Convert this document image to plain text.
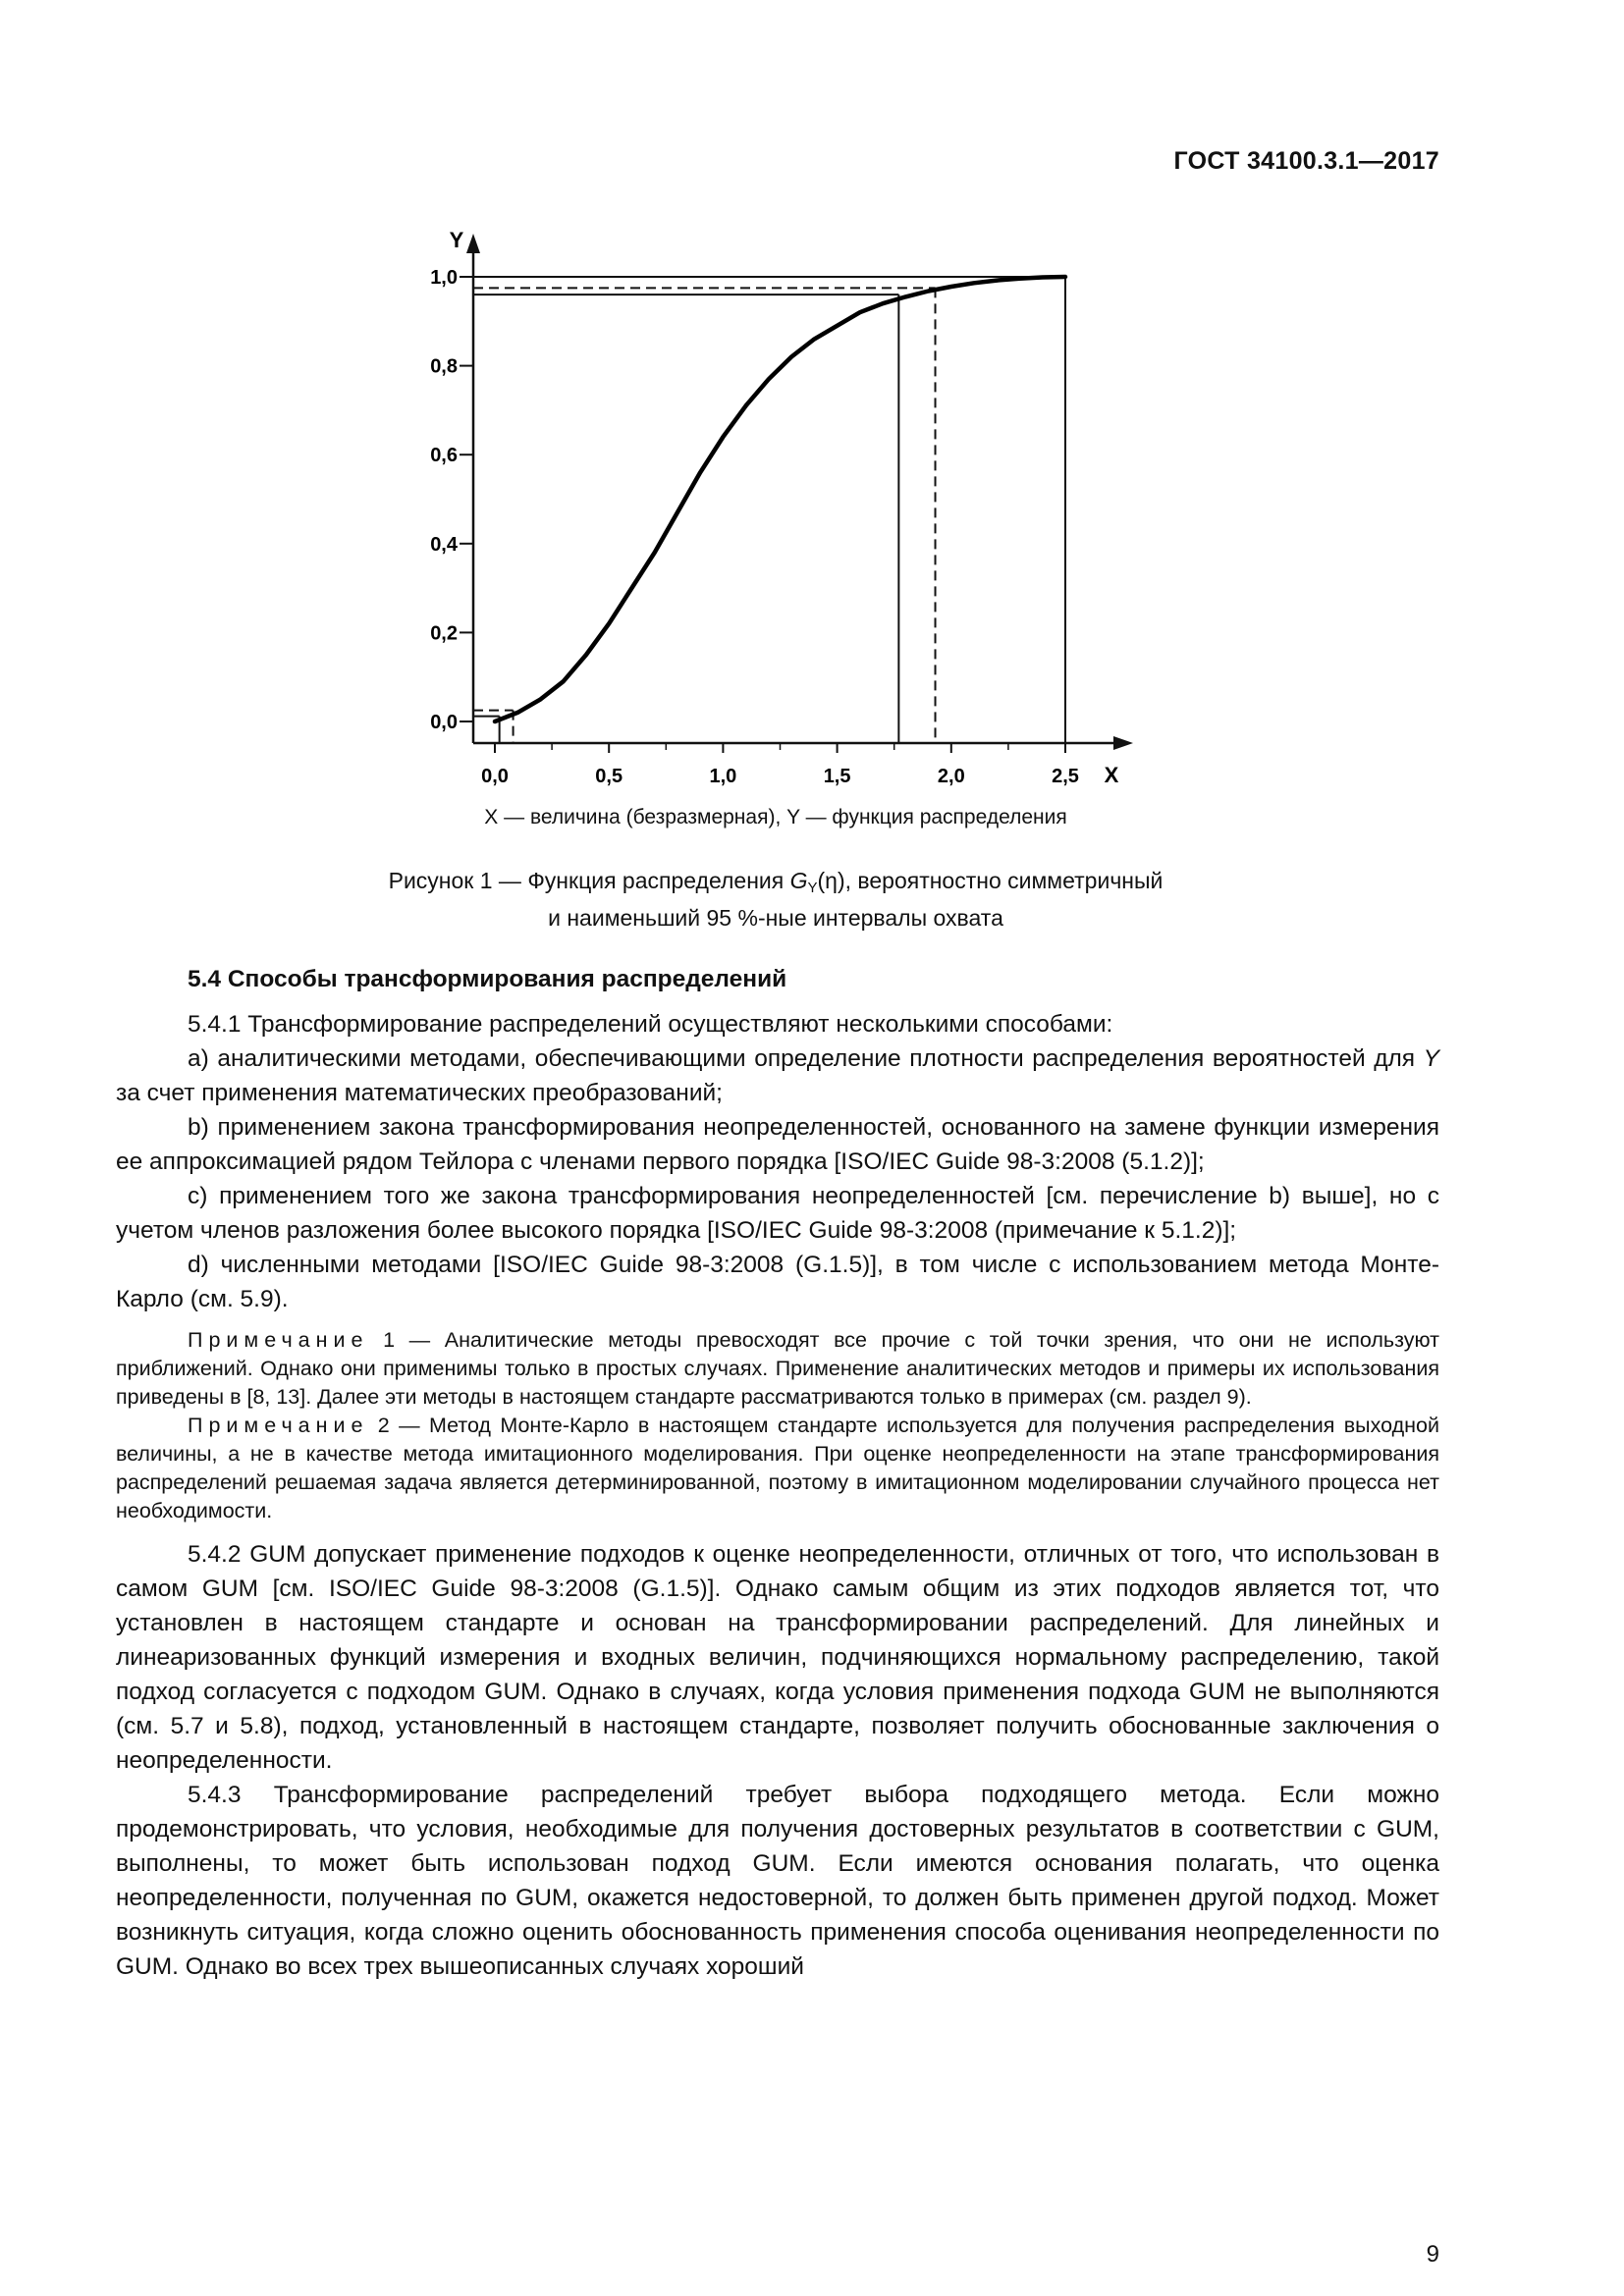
ГОСТ 34100.3.1—2017
Y
X
0,0
0,2
0,4
0,6
0,8
1,0
0,0	0,5	1,0	1,5	2,0	2,5
X — величина (безразмерная), Y — функция распределения
Рисунок 1 — Функция распределения $G_Y(\eta)$, вероятностно симметричный
и наименьший 95 %-ные интервалы охвата
5.4 Способы трансформирования распределений

5.4.1 Трансформирование распределений осуществляют несколькими способами:

a) аналитическими методами, обеспечивающими определение плотности распределения вероятностей для Y за счет применения математических преобразований;

b) применением закона трансформирования неопределенностей, основанного на замене функции измерения ее аппроксимацией рядом Тейлора с членами первого порядка [ISO/IEC Guide 98-3:2008 (5.1.2)];

c) применением того же закона трансформирования неопределенностей [см. перечисление b) выше], но с учетом членов разложения более высокого порядка [ISO/IEC Guide 98-3:2008 (примечание к 5.1.2)];

d) численными методами [ISO/IEC Guide 98-3:2008 (G.1.5)], в том числе с использованием метода Монте-Карло (см. 5.9).

Примечание 1 — Аналитические методы превосходят все прочие с той точки зрения, что они не используют приближений. Однако они применимы только в простых случаях. Применение аналитических методов и примеры их использования приведены в [8, 13]. Далее эти методы в настоящем стандарте рассматриваются только в примерах (см. раздел 9).

Примечание 2 — Метод Монте-Карло в настоящем стандарте используется для получения распределения выходной величины, а не в качестве метода имитационного моделирования. При оценке неопределенности на этапе трансформирования распределений решаемая задача является детерминированной, поэтому в имитационном моделировании случайного процесса нет необходимости.

5.4.2 GUM допускает применение подходов к оценке неопределенности, отличных от того, что использован в самом GUM [см. ISO/IEC Guide 98-3:2008 (G.1.5)]. Однако самым общим из этих подходов является тот, что установлен в настоящем стандарте и основан на трансформировании распределений. Для линейных и линеаризованных функций измерения и входных величин, подчиняющихся нормальному распределению, такой подход согласуется с подходом GUM. Однако в случаях, когда условия применения подхода GUM не выполняются (см. 5.7 и 5.8), подход, установленный в настоящем стандарте, позволяет получить обоснованные заключения о неопределенности.

5.4.3 Трансформирование распределений требует выбора подходящего метода. Если можно продемонстрировать, что условия, необходимые для получения достоверных результатов в соответствии с GUM, выполнены, то может быть использован подход GUM. Если имеются основания полагать, что оценка неопределенности, полученная по GUM, окажется недостоверной, то должен быть применен другой подход. Может возникнуть ситуация, когда сложно оценить обоснованность применения способа оценивания неопределенности по GUM. Однако во всех трех вышеописанных случаях хороший

9
